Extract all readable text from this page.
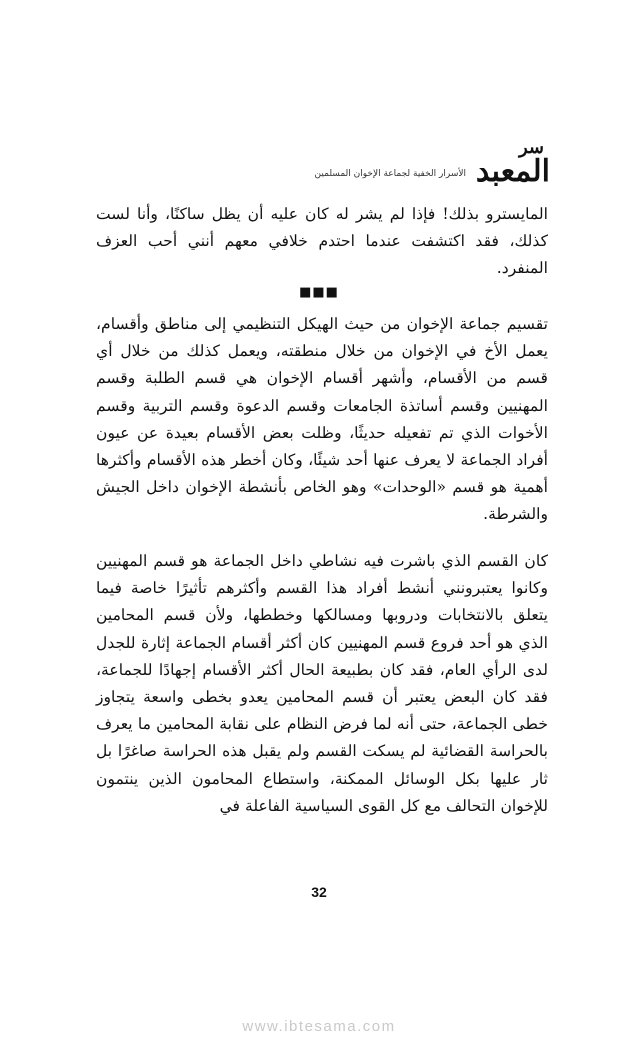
سر
المعبد
الأسرار الخفية لجماعة الإخوان المسلمين

المايسترو بذلك! فإذا لم يشر له كان عليه أن يظل ساكنًا، وأنا لست كذلك، فقد اكتشفت عندما احتدم خلافي معهم أنني أحب العزف المنفرد.

■■■

تقسيم جماعة الإخوان من حيث الهيكل التنظيمي إلى مناطق وأقسام، يعمل الأخ في الإخوان من خلال منطقته، ويعمل كذلك من خلال أي قسم من الأقسام، وأشهر أقسام الإخوان هي قسم الطلبة وقسم المهنيين وقسم أساتذة الجامعات وقسم الدعوة وقسم التربية وقسم الأخوات الذي تم تفعيله حديثًا، وظلت بعض الأقسام بعيدة عن عيون أفراد الجماعة لا يعرف عنها أحد شيئًا، وكان أخطر هذه الأقسام وأكثرها أهمية هو قسم «الوحدات» وهو الخاص بأنشطة الإخوان داخل الجيش والشرطة.

كان القسم الذي باشرت فيه نشاطي داخل الجماعة هو قسم المهنيين وكانوا يعتبرونني أنشط أفراد هذا القسم وأكثرهم تأثيرًا خاصة فيما يتعلق بالانتخابات ودروبها ومسالكها وخططها، ولأن قسم المحامين الذي هو أحد فروع قسم المهنيين كان أكثر أقسام الجماعة إثارة للجدل لدى الرأي العام، فقد كان بطبيعة الحال أكثر الأقسام إجهادًا للجماعة، فقد كان البعض يعتبر أن قسم المحامين يعدو بخطى واسعة يتجاوز خطى الجماعة، حتى أنه لما فرض النظام على نقابة المحامين ما يعرف بالحراسة القضائية لم يسكت القسم ولم يقبل هذه الحراسة صاغرًا بل ثار عليها بكل الوسائل الممكنة، واستطاع المحامون الذين ينتمون للإخوان التحالف مع كل القوى السياسية الفاعلة في

32
www.ibtesama.com
